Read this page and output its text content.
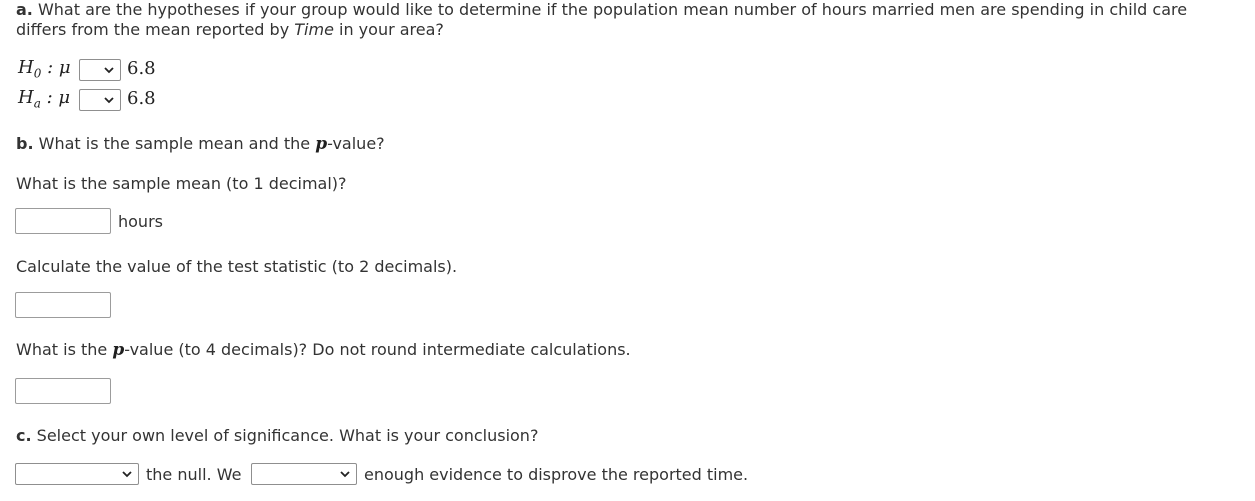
a. What are the hypotheses if your group would like to determine if the population mean number of hours married men are spending in child care
differs from the mean reported by Time in your area?
$H_0$ : μ	6.8
$H_a$ : μ	6.8
b. What is the sample mean and the p-value?
What is the sample mean (to 1 decimal)?
hours
Calculate the value of the test statistic (to 2 decimals).
What is the p-value (to 4 decimals)? Do not round intermediate calculations.
c. Select your own level of significance. What is your conclusion?
the null. We	enough evidence to disprove the reported time.
